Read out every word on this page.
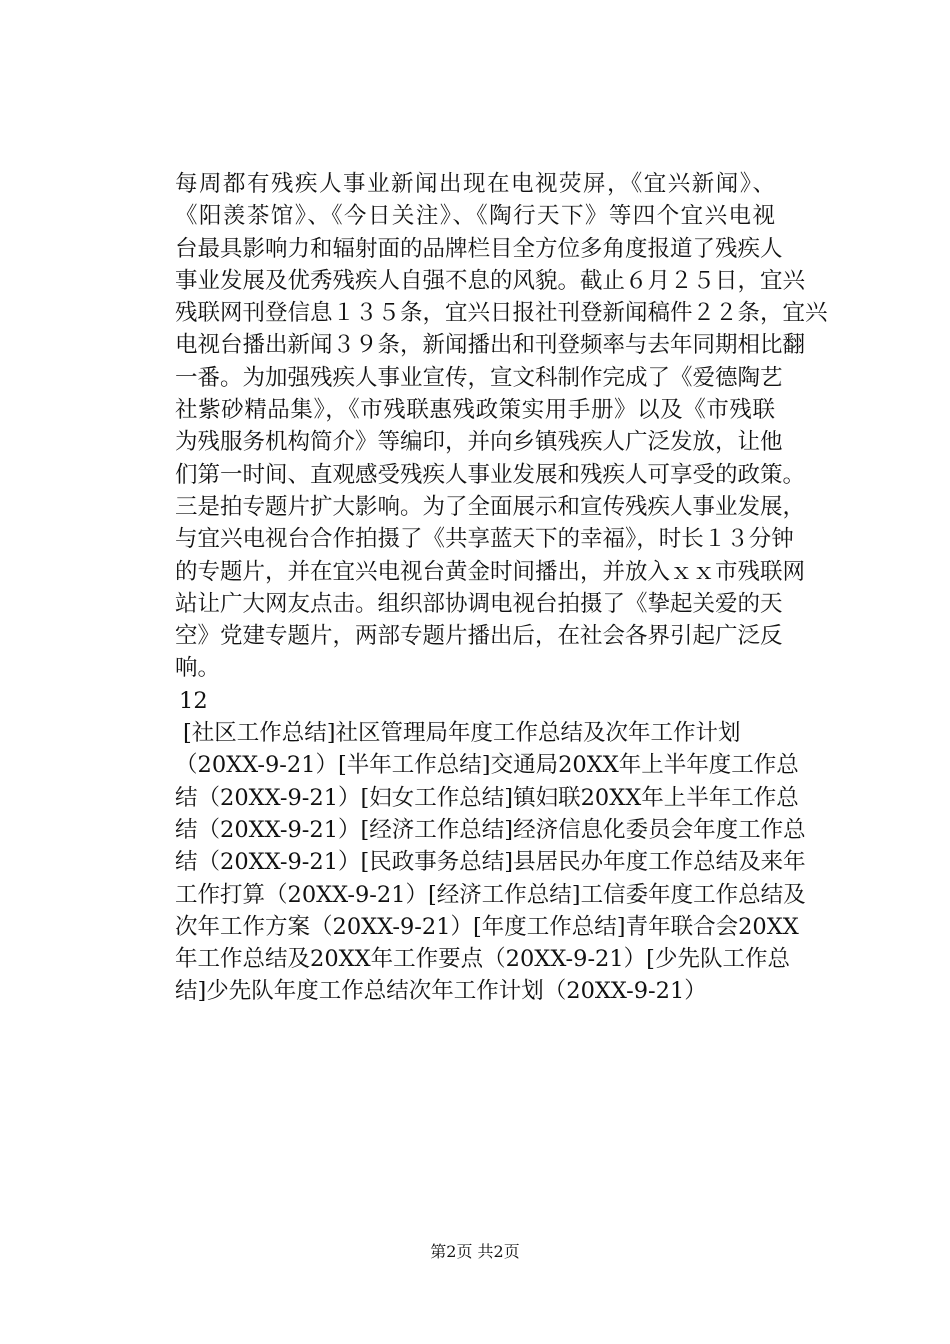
每周都有残疾人事业新闻出现在电视荧屏，《宜兴新闻》、
《阳羡茶馆》、《今日关注》、《陶行天下》等四个宜兴电视
台最具影响力和辐射面的品牌栏目全方位多角度报道了残疾人
事业发展及优秀残疾人自强不息的风貌。截止６月２５日，宜兴
残联网刊登信息１３５条，宜兴日报社刊登新闻稿件２２条，宜兴
电视台播出新闻３９条，新闻播出和刊登频率与去年同期相比翻
一番。为加强残疾人事业宣传，宣文科制作完成了《爱德陶艺
社紫砂精品集》，《市残联惠残政策实用手册》以及《市残联
为残服务机构简介》等编印，并向乡镇残疾人广泛发放，让他
们第一时间、直观感受残疾人事业发展和残疾人可享受的政策。
三是拍专题片扩大影响。为了全面展示和宣传残疾人事业发展，
与宜兴电视台合作拍摄了《共享蓝天下的幸福》，时长１３分钟
的专题片，并在宜兴电视台黄金时间播出，并放入ｘｘ市残联网
站让广大网友点击。组织部协调电视台拍摄了《挚起关爱的天
空》党建专题片，两部专题片播出后，在社会各界引起广泛反
响。
12
[社区工作总结]社区管理局年度工作总结及次年工作计划
（20XX-9-21）[半年工作总结]交通局20XX年上半年度工作总
结（20XX-9-21）[妇女工作总结]镇妇联20XX年上半年工作总
结（20XX-9-21）[经济工作总结]经济信息化委员会年度工作总
结（20XX-9-21）[民政事务总结]县居民办年度工作总结及来年
工作打算（20XX-9-21）[经济工作总结]工信委年度工作总结及
次年工作方案（20XX-9-21）[年度工作总结]青年联合会20XX
年工作总结及20XX年工作要点（20XX-9-21）[少先队工作总
结]少先队年度工作总结次年工作计划（20XX-9-21）
第2页 共2页
